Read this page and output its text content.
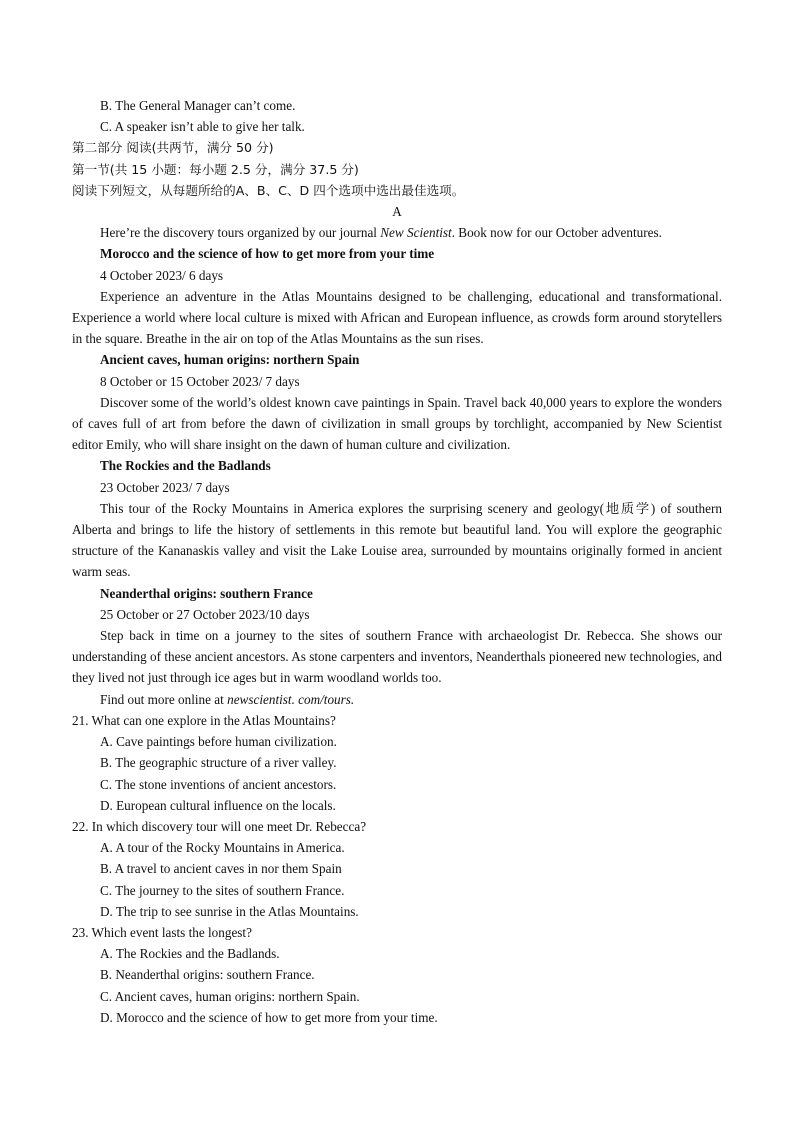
B. The General Manager can’t come.
C. A speaker isn’t able to give her talk.
第二部分 阅读(共两节，满分 50 分)
第一节(共 15 小题：每小题 2.5 分，满分 37.5 分)
阅读下列短文，从每题所给的A、B、C、D 四个选项中选出最佳选项。
A
Here’re the discovery tours organized by our journal New Scientist. Book now for our October adventures.
Morocco and the science of how to get more from your time
4 October 2023/ 6 days
Experience an adventure in the Atlas Mountains designed to be challenging, educational and transformational. Experience a world where local culture is mixed with African and European influence, as crowds form around storytellers in the square. Breathe in the air on top of the Atlas Mountains as the sun rises.
Ancient caves, human origins: northern Spain
8 October or 15 October 2023/ 7 days
Discover some of the world’s oldest known cave paintings in Spain. Travel back 40,000 years to explore the wonders of caves full of art from before the dawn of civilization in small groups by torchlight, accompanied by New Scientist editor Emily, who will share insight on the dawn of human culture and civilization.
The Rockies and the Badlands
23 October 2023/ 7 days
This tour of the Rocky Mountains in America explores the surprising scenery and geology(地质学) of southern Alberta and brings to life the history of settlements in this remote but beautiful land. You will explore the geographic structure of the Kananaskis valley and visit the Lake Louise area, surrounded by mountains originally formed in ancient warm seas.
Neanderthal origins: southern France
25 October or 27 October 2023/10 days
Step back in time on a journey to the sites of southern France with archaeologist Dr. Rebecca. She shows our understanding of these ancient ancestors. As stone carpenters and inventors, Neanderthals pioneered new technologies, and they lived not just through ice ages but in warm woodland worlds too.
Find out more online at newscientist. com/tours.
21. What can one explore in the Atlas Mountains?
A. Cave paintings before human civilization.
B. The geographic structure of a river valley.
C. The stone inventions of ancient ancestors.
D. European cultural influence on the locals.
22. In which discovery tour will one meet Dr. Rebecca?
A. A tour of the Rocky Mountains in America.
B. A travel to ancient caves in nor them Spain
C. The journey to the sites of southern France.
D. The trip to see sunrise in the Atlas Mountains.
23. Which event lasts the longest?
A. The Rockies and the Badlands.
B. Neanderthal origins: southern France.
C. Ancient caves, human origins: northern Spain.
D. Morocco and the science of how to get more from your time.
